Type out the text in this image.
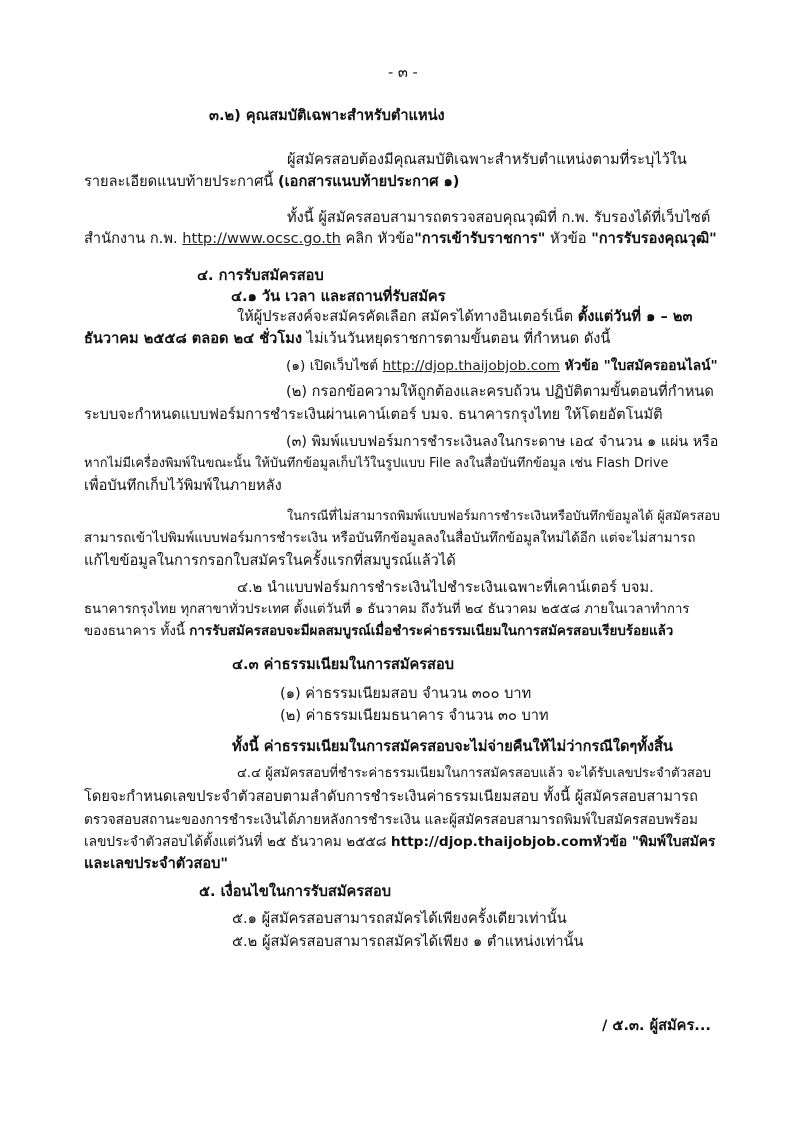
- ๓ -
๓.๒) คุณสมบัติเฉพาะสำหรับตำแหน่ง
ผู้สมัครสอบต้องมีคุณสมบัติเฉพาะสำหรับตำแหน่งตามที่ระบุไว้ใน
รายละเอียดแนบท้ายประกาศนี้ (เอกสารแนบท้ายประกาศ ๑)
ทั้งนี้ ผู้สมัครสอบสามารถตรวจสอบคุณวุฒิที่ ก.พ. รับรองได้ที่เว็บไซต์
สำนักงาน ก.พ. http://www.ocsc.go.th คลิก หัวข้อ"การเข้ารับราชการ" หัวข้อ "การรับรองคุณวุฒิ"
๔. การรับสมัครสอบ
๔.๑ วัน เวลา และสถานที่รับสมัคร
ให้ผู้ประสงค์จะสมัครคัดเลือก สมัครได้ทางอินเตอร์เน็ต ตั้งแต่วันที่ ๑ – ๒๓
ธันวาคม ๒๕๕๘ ตลอด ๒๔ ชั่วโมง ไม่เว้นวันหยุดราชการตามขั้นตอน ที่กำหนด ดังนี้
(๑) เปิดเว็บไซต์ http://djop.thaijobjob.com หัวข้อ "ใบสมัครออนไลน์"
(๒) กรอกข้อความให้ถูกต้องและครบถ้วน ปฏิบัติตามขั้นตอนที่กำหนด
ระบบจะกำหนดแบบฟอร์มการชำระเงินผ่านเคาน์เตอร์ บมจ. ธนาคารกรุงไทย ให้โดยอัตโนมัติ
(๓) พิมพ์แบบฟอร์มการชำระเงินลงในกระดาษ เอ๔ จำนวน ๑ แผ่น หรือ
หากไม่มีเครื่องพิมพ์ในขณะนั้น ให้บันทึกข้อมูลเก็บไว้ในรูปแบบ File ลงในสื่อบันทึกข้อมูล เช่น Flash Drive
เพื่อบันทึกเก็บไว้พิมพ์ในภายหลัง
ในกรณีที่ไม่สามารถพิมพ์แบบฟอร์มการชำระเงินหรือบันทึกข้อมูลได้ ผู้สมัครสอบ
สามารถเข้าไปพิมพ์แบบฟอร์มการชำระเงิน หรือบันทึกข้อมูลลงในสื่อบันทึกข้อมูลใหม่ได้อีก แต่จะไม่สามารถ
แก้ไขข้อมูลในการกรอกใบสมัครในครั้งแรกที่สมบูรณ์แล้วได้
๔.๒ นำแบบฟอร์มการชำระเงินไปชำระเงินเฉพาะที่เคาน์เตอร์ บจม.
ธนาคารกรุงไทย ทุกสาขาทั่วประเทศ ตั้งแต่วันที่ ๑ ธันวาคม ถึงวันที่ ๒๔ ธันวาคม ๒๕๕๘ ภายในเวลาทำการ
ของธนาคาร ทั้งนี้ การรับสมัครสอบจะมีผลสมบูรณ์เมื่อชำระค่าธรรมเนียมในการสมัครสอบเรียบร้อยแล้ว
๔.๓ ค่าธรรมเนียมในการสมัครสอบ
(๑) ค่าธรรมเนียมสอบ จำนวน ๓๐๐ บาท
(๒) ค่าธรรมเนียมธนาคาร จำนวน ๓๐ บาท
ทั้งนี้ ค่าธรรมเนียมในการสมัครสอบจะไม่จ่ายคืนให้ไม่ว่ากรณีใดๆทั้งสิ้น
๔.๔ ผู้สมัครสอบที่ชำระค่าธรรมเนียมในการสมัครสอบแล้ว จะได้รับเลขประจำตัวสอบ
โดยจะกำหนดเลขประจำตัวสอบตามลำดับการชำระเงินค่าธรรมเนียมสอบ ทั้งนี้ ผู้สมัครสอบสามารถ
ตรวจสอบสถานะของการชำระเงินได้ภายหลังการชำระเงิน และผู้สมัครสอบสามารถพิมพ์ใบสมัครสอบพร้อม
เลขประจำตัวสอบได้ตั้งแต่วันที่ ๒๕ ธันวาคม ๒๕๕๘ http://djop.thaijobjob.comหัวข้อ "พิมพ์ใบสมัคร
และเลขประจำตัวสอบ"
๕. เงื่อนไขในการรับสมัครสอบ
๕.๑ ผู้สมัครสอบสามารถสมัครได้เพียงครั้งเดียวเท่านั้น
๕.๒ ผู้สมัครสอบสามารถสมัครได้เพียง ๑ ตำแหน่งเท่านั้น
/ ๕.๓. ผู้สมัคร...
